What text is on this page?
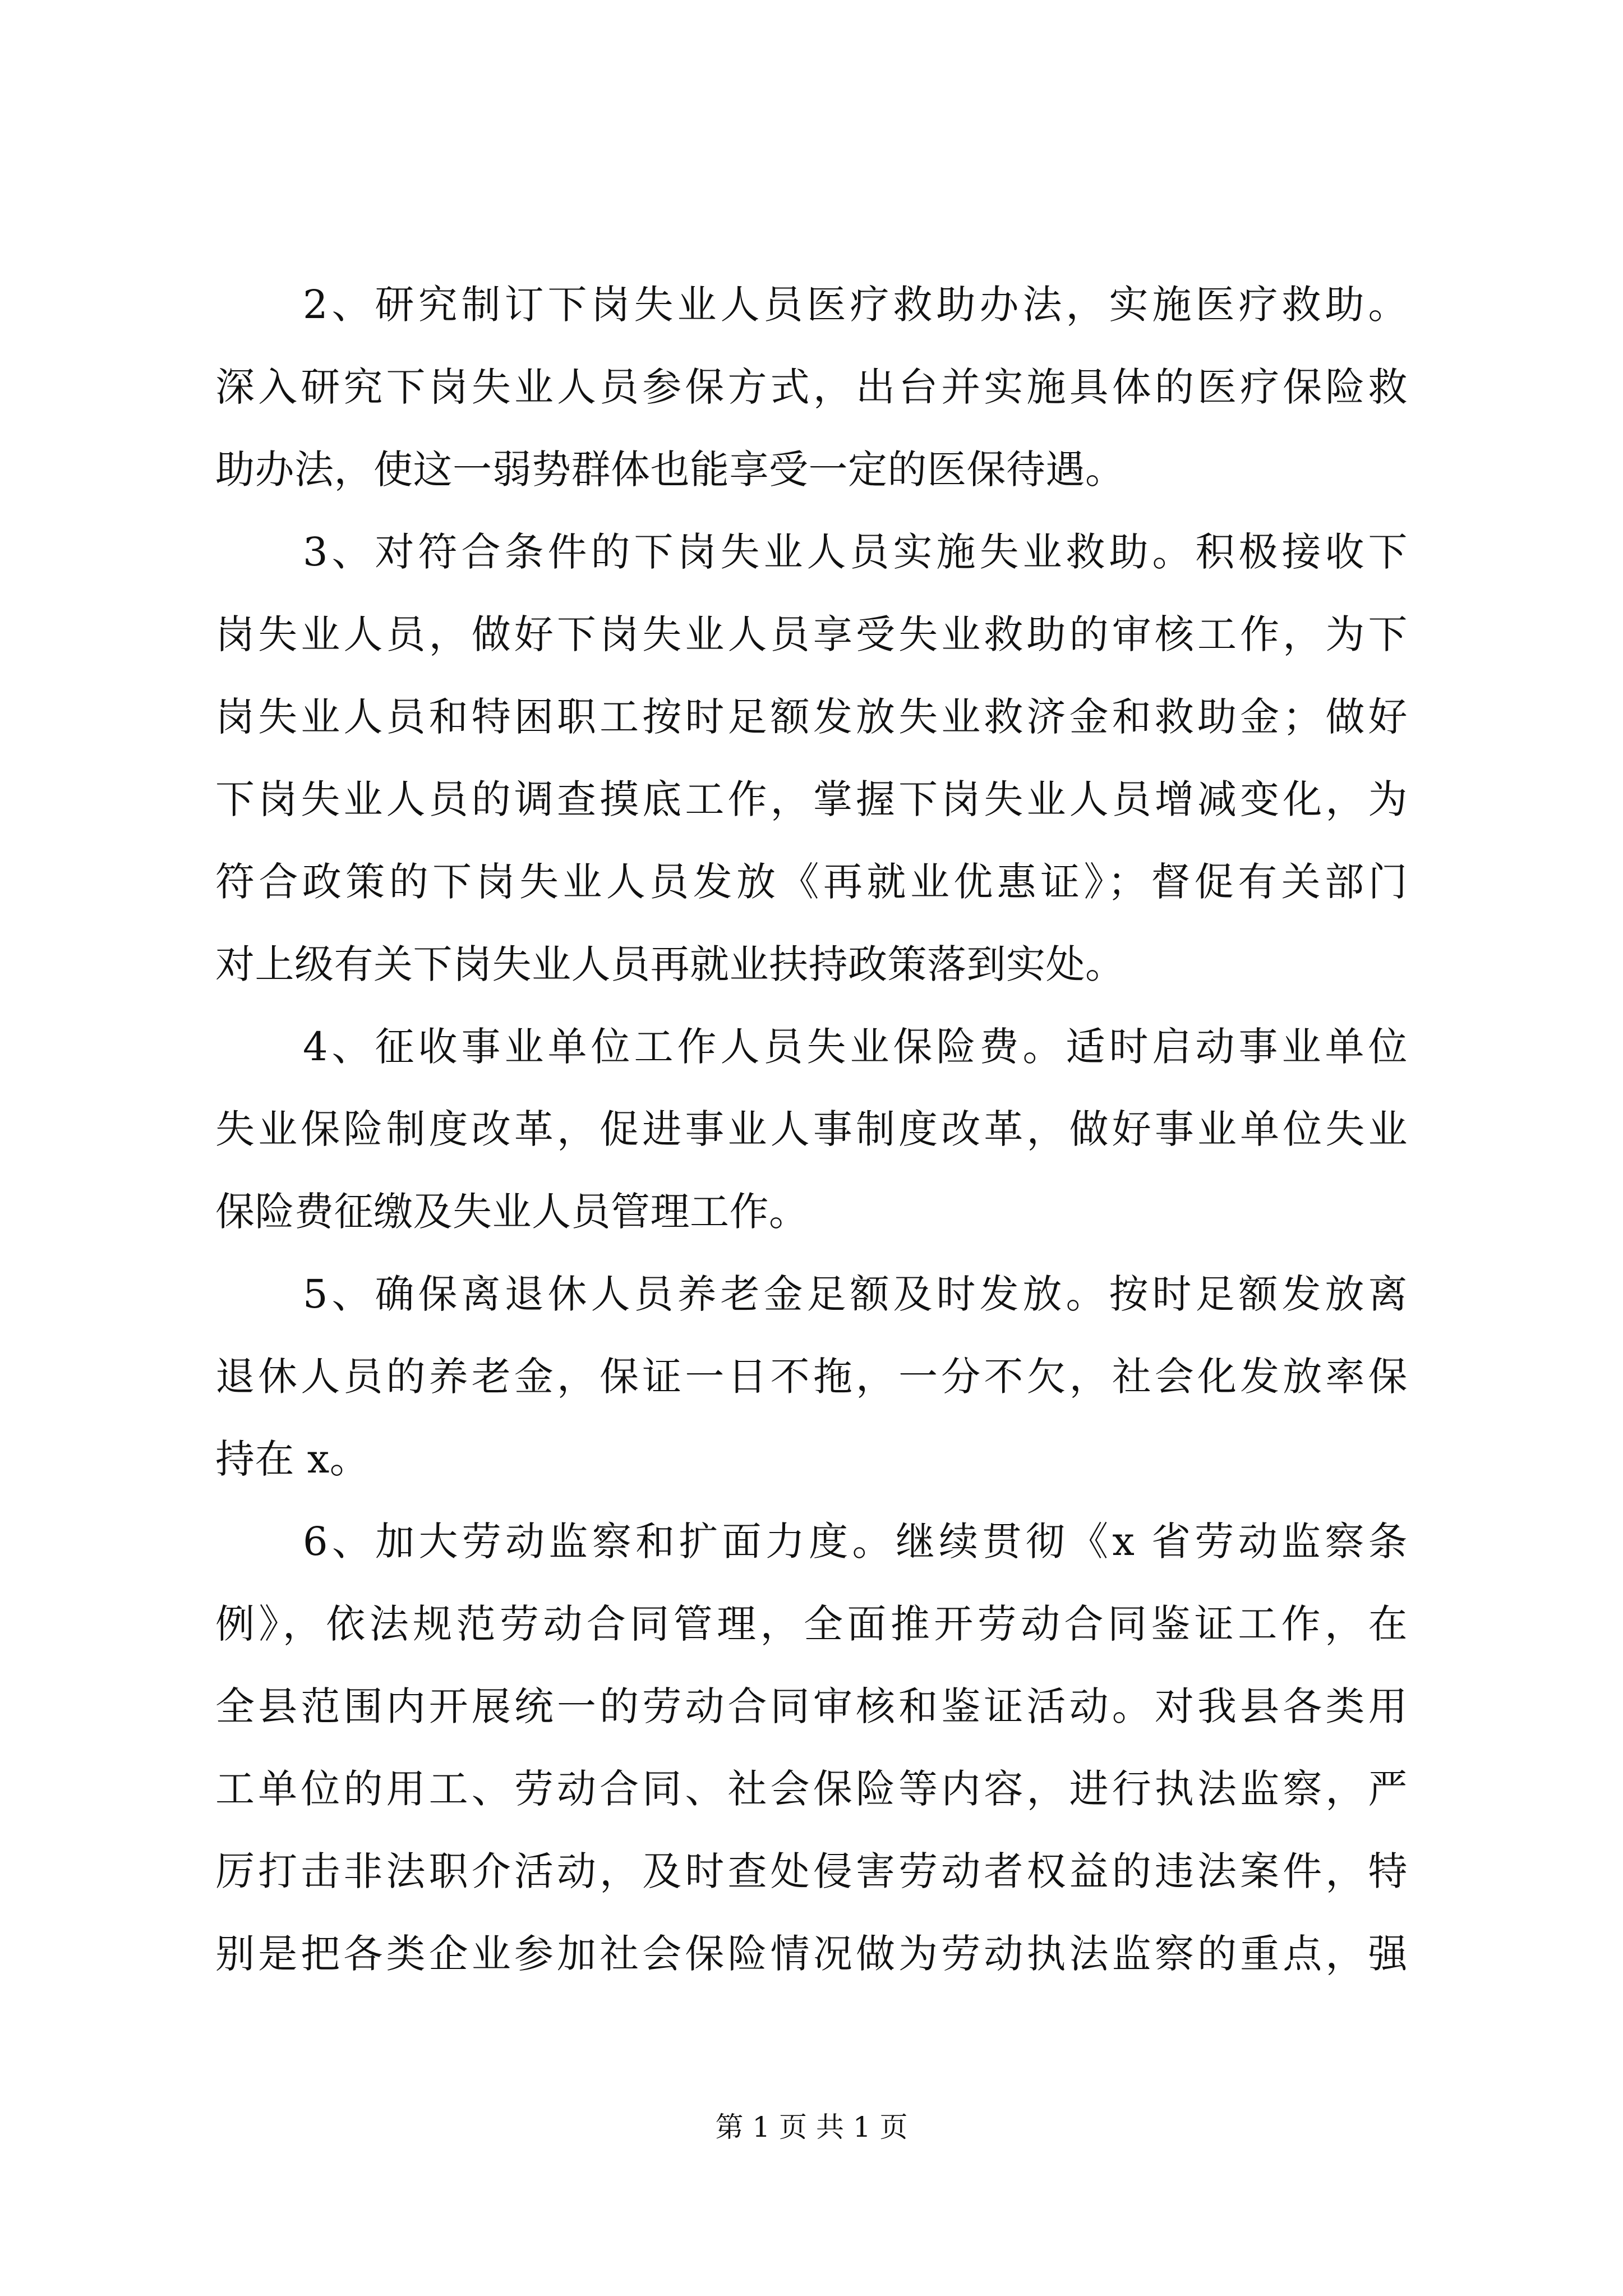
2、研究制订下岗失业人员医疗救助办法，实施医疗救助。
深入研究下岗失业人员参保方式，出台并实施具体的医疗保险救
助办法，使这一弱势群体也能享受一定的医保待遇。
3、对符合条件的下岗失业人员实施失业救助。积极接收下
岗失业人员，做好下岗失业人员享受失业救助的审核工作，为下
岗失业人员和特困职工按时足额发放失业救济金和救助金；做好
下岗失业人员的调查摸底工作，掌握下岗失业人员增减变化，为
符合政策的下岗失业人员发放《再就业优惠证》；督促有关部门
对上级有关下岗失业人员再就业扶持政策落到实处。
4、征收事业单位工作人员失业保险费。适时启动事业单位
失业保险制度改革，促进事业人事制度改革，做好事业单位失业
保险费征缴及失业人员管理工作。
5、确保离退休人员养老金足额及时发放。按时足额发放离
退休人员的养老金，保证一日不拖，一分不欠，社会化发放率保
持在 x。
6、加大劳动监察和扩面力度。继续贯彻《x 省劳动监察条
例》，依法规范劳动合同管理，全面推开劳动合同鉴证工作，在
全县范围内开展统一的劳动合同审核和鉴证活动。对我县各类用
工单位的用工、劳动合同、社会保险等内容，进行执法监察，严
厉打击非法职介活动，及时查处侵害劳动者权益的违法案件，特
别是把各类企业参加社会保险情况做为劳动执法监察的重点，强
第 1 页 共 1 页
